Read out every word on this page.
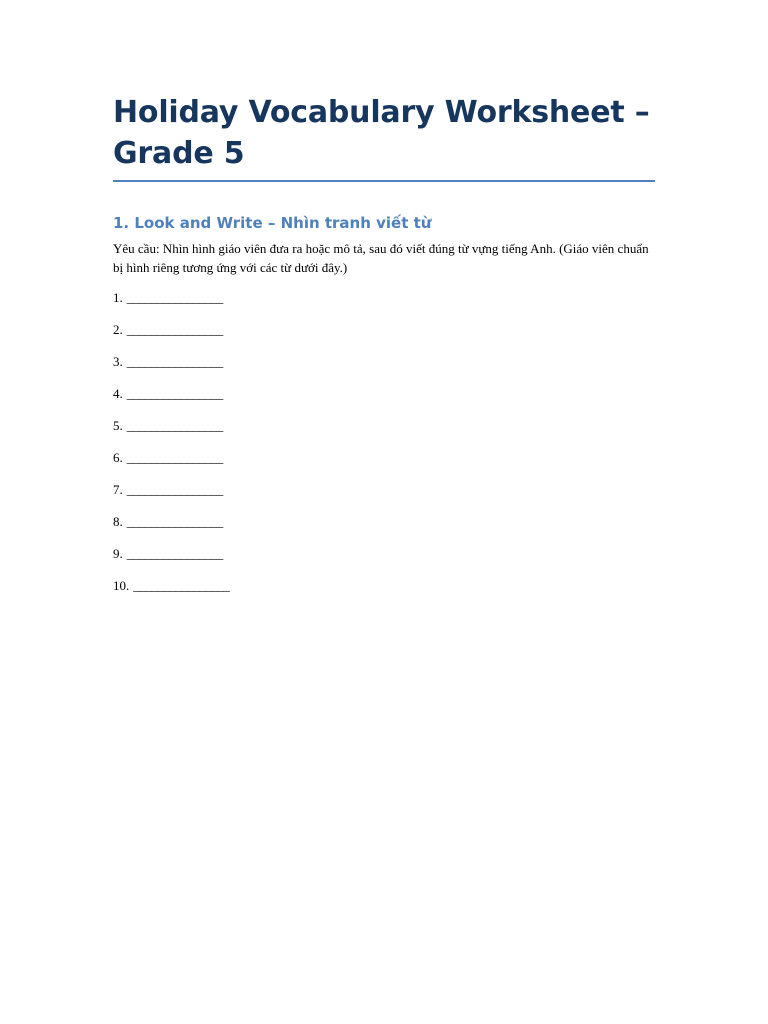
Holiday Vocabulary Worksheet – Grade 5
1. Look and Write – Nhìn tranh viết từ

Yêu cầu: Nhìn hình giáo viên đưa ra hoặc mô tả, sau đó viết đúng từ vựng tiếng Anh. (Giáo viên chuẩn bị hình riêng tương ứng với các từ dưới đây.)

1. ________________
2. ________________
3. ________________
4. ________________
5. ________________
6. ________________
7. ________________
8. ________________
9. ________________
10. ________________
